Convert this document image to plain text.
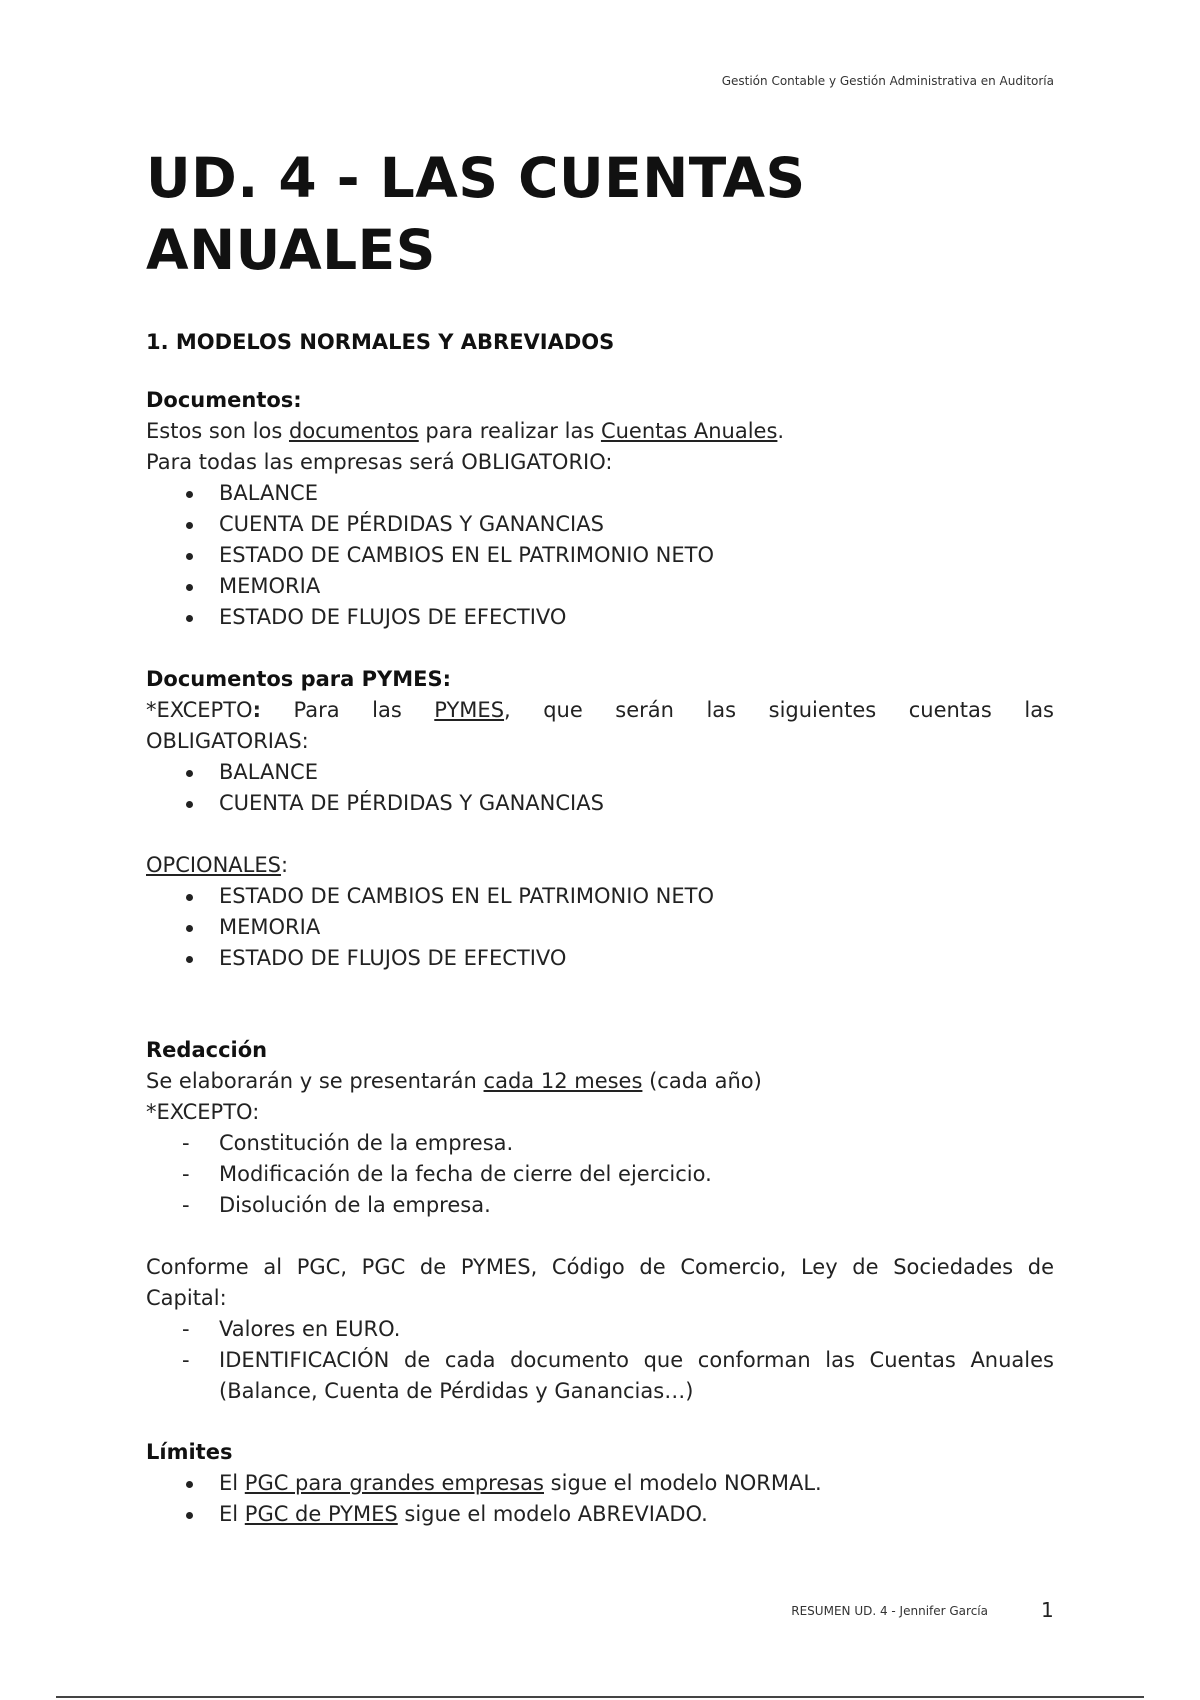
Gestión Contable y Gestión Administrativa en Auditoría
UD. 4 - LAS CUENTAS
ANUALES
1. MODELOS NORMALES Y ABREVIADOS
Documentos:

Estos son los documentos para realizar las Cuentas Anuales.

Para todas las empresas será OBLIGATORIO:

BALANCE
CUENTA DE PÉRDIDAS Y GANANCIAS
ESTADO DE CAMBIOS EN EL PATRIMONIO NETO
MEMORIA
ESTADO DE FLUJOS DE EFECTIVO
Documentos para PYMES:

*EXCEPTO: Para las PYMES, que serán las siguientes cuentas las

OBLIGATORIAS:

BALANCE
CUENTA DE PÉRDIDAS Y GANANCIAS

OPCIONALES:

ESTADO DE CAMBIOS EN EL PATRIMONIO NETO
MEMORIA
ESTADO DE FLUJOS DE EFECTIVO
Redacción

Se elaborarán y se presentarán cada 12 meses (cada año)

*EXCEPTO:

- Constitución de la empresa.
- Modificación de la fecha de cierre del ejercicio.
- Disolución de la empresa.

Conforme al PGC, PGC de PYMES, Código de Comercio, Ley de Sociedades de

Capital:

- Valores en EURO.
- IDENTIFICACIÓN de cada documento que conforman las Cuentas Anuales (Balance, Cuenta de Pérdidas y Ganancias…)
Límites
El PGC para grandes empresas sigue el modelo NORMAL.
El PGC de PYMES sigue el modelo ABREVIADO.
RESUMEN UD. 4 - Jennifer García	1
